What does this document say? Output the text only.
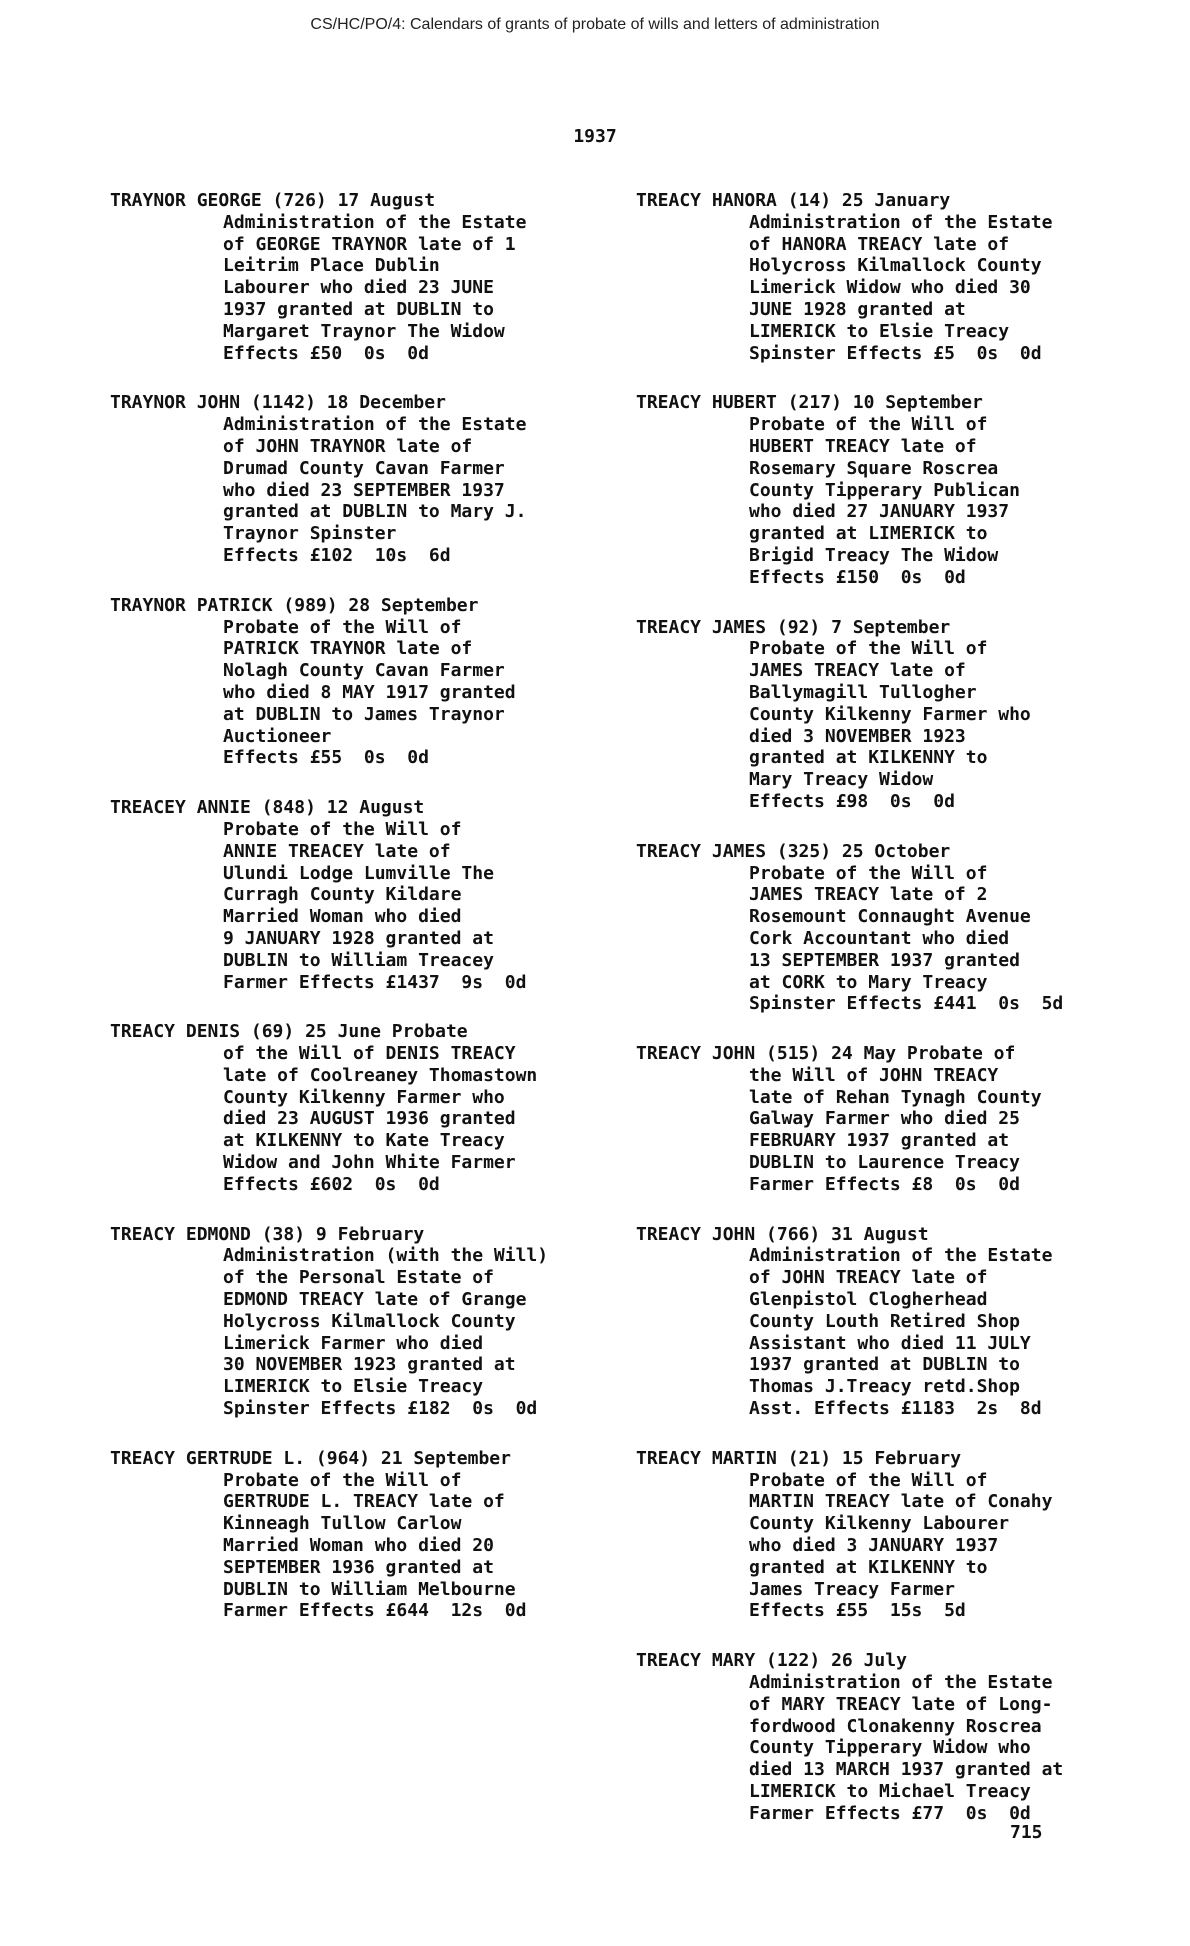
CS/HC/PO/4: Calendars of grants of probate of wills and letters of administration
1937
TRAYNOR GEORGE (726) 17 August
Administration of the Estate
of GEORGE TRAYNOR late of 1
Leitrim Place Dublin
Labourer who died 23 JUNE
1937 granted at DUBLIN to
Margaret Traynor The Widow
Effects £50  0s  0d
TRAYNOR JOHN (1142) 18 December
Administration of the Estate
of JOHN TRAYNOR late of
Drumad County Cavan Farmer
who died 23 SEPTEMBER 1937
granted at DUBLIN to Mary J.
Traynor Spinster
Effects £102  10s  6d
TRAYNOR PATRICK (989) 28 September
Probate of the Will of
PATRICK TRAYNOR late of
Nolagh County Cavan Farmer
who died 8 MAY 1917 granted
at DUBLIN to James Traynor
Auctioneer
Effects £55  0s  0d
TREACEY ANNIE (848) 12 August
Probate of the Will of
ANNIE TREACEY late of
Ulundi Lodge Lumville The
Curragh County Kildare
Married Woman who died
9 JANUARY 1928 granted at
DUBLIN to William Treacey
Farmer Effects £1437  9s  0d
TREACY DENIS (69) 25 June Probate
of the Will of DENIS TREACY
late of Coolreaney Thomastown
County Kilkenny Farmer who
died 23 AUGUST 1936 granted
at KILKENNY to Kate Treacy
Widow and John White Farmer
Effects £602  0s  0d
TREACY EDMOND (38) 9 February
Administration (with the Will)
of the Personal Estate of
EDMOND TREACY late of Grange
Holycross Kilmallock County
Limerick Farmer who died
30 NOVEMBER 1923 granted at
LIMERICK to Elsie Treacy
Spinster Effects £182  0s  0d
TREACY GERTRUDE L. (964) 21 September
Probate of the Will of
GERTRUDE L. TREACY late of
Kinneagh Tullow Carlow
Married Woman who died 20
SEPTEMBER 1936 granted at
DUBLIN to William Melbourne
Farmer Effects £644  12s  0d
TREACY HANORA (14) 25 January
Administration of the Estate
of HANORA TREACY late of
Holycross Kilmallock County
Limerick Widow who died 30
JUNE 1928 granted at
LIMERICK to Elsie Treacy
Spinster Effects £5  0s  0d
TREACY HUBERT (217) 10 September
Probate of the Will of
HUBERT TREACY late of
Rosemary Square Roscrea
County Tipperary Publican
who died 27 JANUARY 1937
granted at LIMERICK to
Brigid Treacy The Widow
Effects £150  0s  0d
TREACY JAMES (92) 7 September
Probate of the Will of
JAMES TREACY late of
Ballymagill Tullogher
County Kilkenny Farmer who
died 3 NOVEMBER 1923
granted at KILKENNY to
Mary Treacy Widow
Effects £98  0s  0d
TREACY JAMES (325) 25 October
Probate of the Will of
JAMES TREACY late of 2
Rosemount Connaught Avenue
Cork Accountant who died
13 SEPTEMBER 1937 granted
at CORK to Mary Treacy
Spinster Effects £441  0s  5d
TREACY JOHN (515) 24 May Probate of
the Will of JOHN TREACY
late of Rehan Tynagh County
Galway Farmer who died 25
FEBRUARY 1937 granted at
DUBLIN to Laurence Treacy
Farmer Effects £8  0s  0d
TREACY JOHN (766) 31 August
Administration of the Estate
of JOHN TREACY late of
Glenpistol Clogherhead
County Louth Retired Shop
Assistant who died 11 JULY
1937 granted at DUBLIN to
Thomas J.Treacy retd.Shop
Asst. Effects £1183  2s  8d
TREACY MARTIN (21) 15 February
Probate of the Will of
MARTIN TREACY late of Conahy
County Kilkenny Labourer
who died 3 JANUARY 1937
granted at KILKENNY to
James Treacy Farmer
Effects £55  15s  5d
TREACY MARY (122) 26 July
Administration of the Estate
of MARY TREACY late of Long-
fordwood Clonakenny Roscrea
County Tipperary Widow who
died 13 MARCH 1937 granted at
LIMERICK to Michael Treacy
Farmer Effects £77  0s  0d
715
